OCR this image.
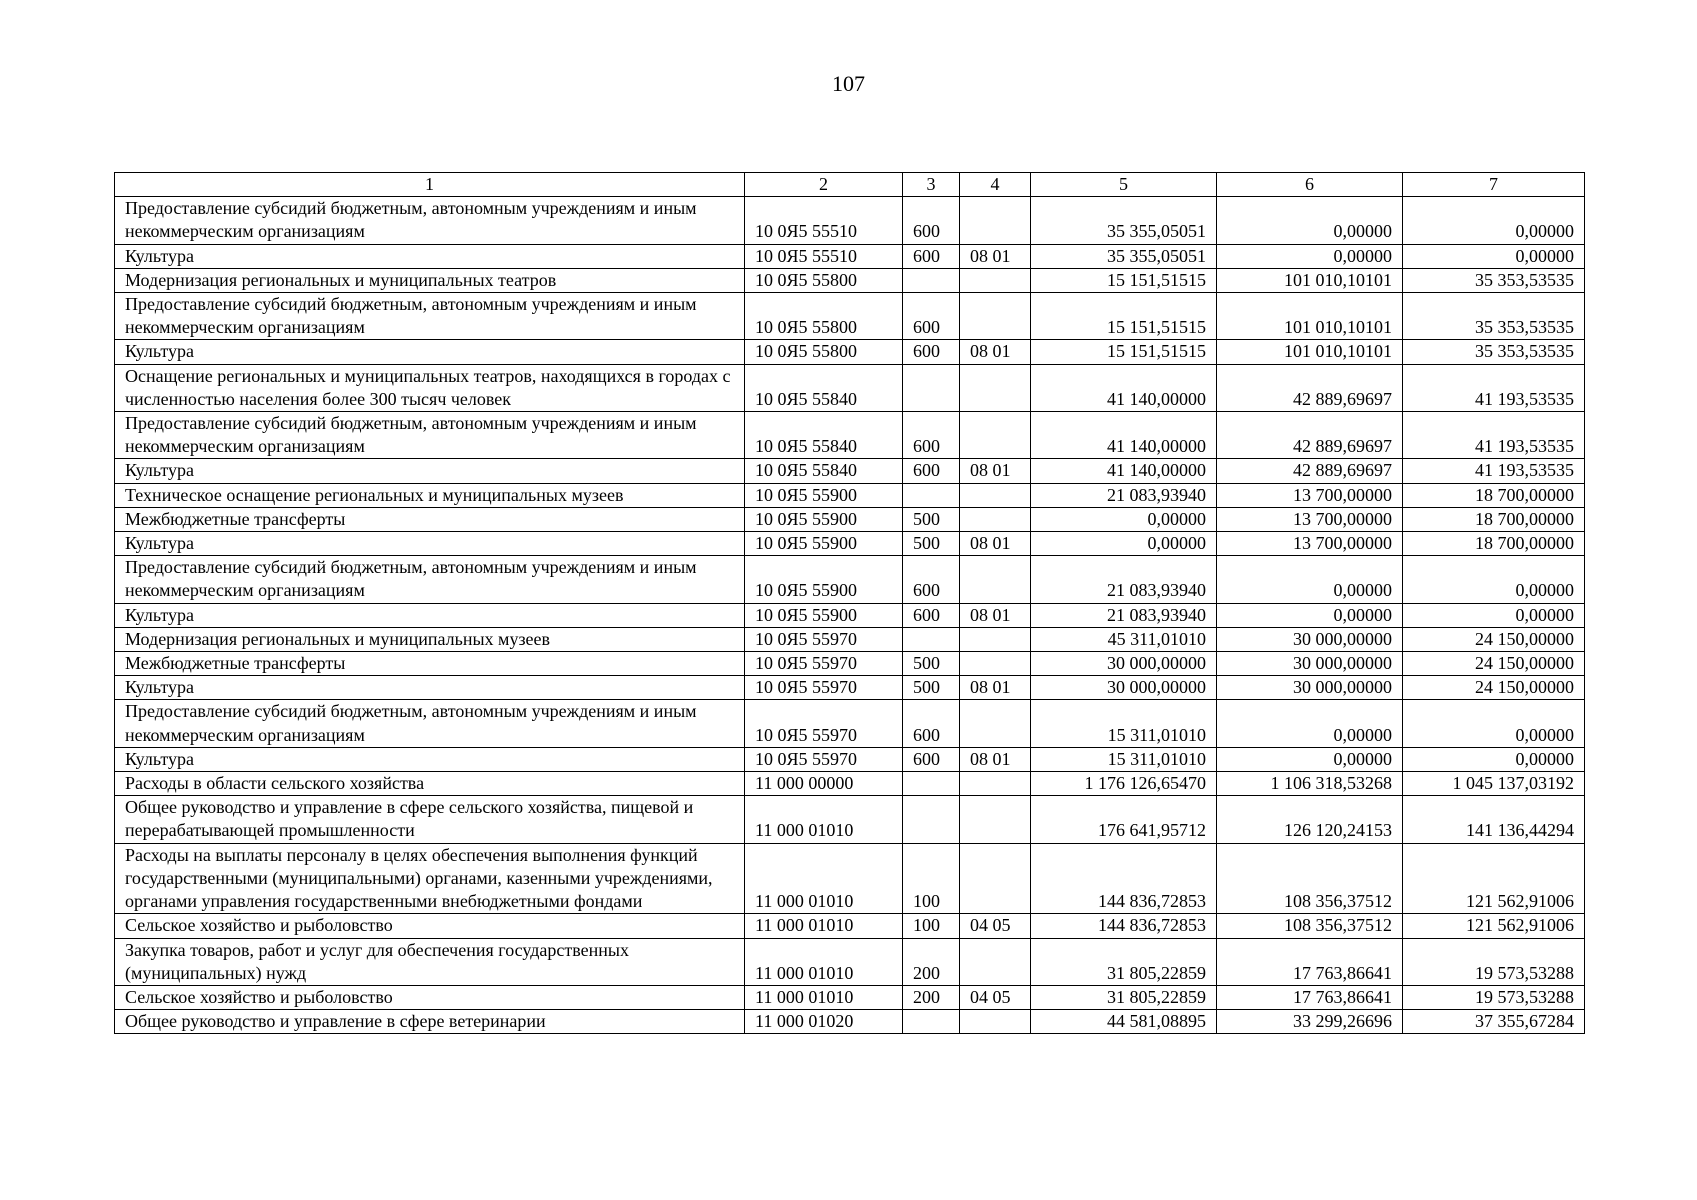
107
1	2	3	4	5	6	7
Предоставление субсидий бюджетным, автономным учреждениям и иным некоммерческим организациям	10 0Я5 55510	600		35 355,05051	0,00000	0,00000
Культура	10 0Я5 55510	600	08 01	35 355,05051	0,00000	0,00000
Модернизация региональных и муниципальных театров	10 0Я5 55800			15 151,51515	101 010,10101	35 353,53535
Предоставление субсидий бюджетным, автономным учреждениям и иным некоммерческим организациям	10 0Я5 55800	600		15 151,51515	101 010,10101	35 353,53535
Культура	10 0Я5 55800	600	08 01	15 151,51515	101 010,10101	35 353,53535
Оснащение региональных и муниципальных театров, находящихся в городах с численностью населения более 300 тысяч человек	10 0Я5 55840			41 140,00000	42 889,69697	41 193,53535
Предоставление субсидий бюджетным, автономным учреждениям и иным некоммерческим организациям	10 0Я5 55840	600		41 140,00000	42 889,69697	41 193,53535
Культура	10 0Я5 55840	600	08 01	41 140,00000	42 889,69697	41 193,53535
Техническое оснащение региональных и муниципальных музеев	10 0Я5 55900			21 083,93940	13 700,00000	18 700,00000
Межбюджетные трансферты	10 0Я5 55900	500		0,00000	13 700,00000	18 700,00000
Культура	10 0Я5 55900	500	08 01	0,00000	13 700,00000	18 700,00000
Предоставление субсидий бюджетным, автономным учреждениям и иным некоммерческим организациям	10 0Я5 55900	600		21 083,93940	0,00000	0,00000
Культура	10 0Я5 55900	600	08 01	21 083,93940	0,00000	0,00000
Модернизация региональных и муниципальных музеев	10 0Я5 55970			45 311,01010	30 000,00000	24 150,00000
Межбюджетные трансферты	10 0Я5 55970	500		30 000,00000	30 000,00000	24 150,00000
Культура	10 0Я5 55970	500	08 01	30 000,00000	30 000,00000	24 150,00000
Предоставление субсидий бюджетным, автономным учреждениям и иным некоммерческим организациям	10 0Я5 55970	600		15 311,01010	0,00000	0,00000
Культура	10 0Я5 55970	600	08 01	15 311,01010	0,00000	0,00000
Расходы в области сельского хозяйства	11 000 00000			1 176 126,65470	1 106 318,53268	1 045 137,03192
Общее руководство и управление в сфере сельского хозяйства, пищевой и перерабатывающей промышленности	11 000 01010			176 641,95712	126 120,24153	141 136,44294
Расходы на выплаты персоналу в целях обеспечения выполнения функций государственными (муниципальными) органами, казенными учреждениями, органами управления государственными внебюджетными фондами	11 000 01010	100		144 836,72853	108 356,37512	121 562,91006
Сельское хозяйство и рыболовство	11 000 01010	100	04 05	144 836,72853	108 356,37512	121 562,91006
Закупка товаров, работ и услуг для обеспечения государственных (муниципальных) нужд	11 000 01010	200		31 805,22859	17 763,86641	19 573,53288
Сельское хозяйство и рыболовство	11 000 01010	200	04 05	31 805,22859	17 763,86641	19 573,53288
Общее руководство и управление в сфере ветеринарии	11 000 01020			44 581,08895	33 299,26696	37 355,67284
